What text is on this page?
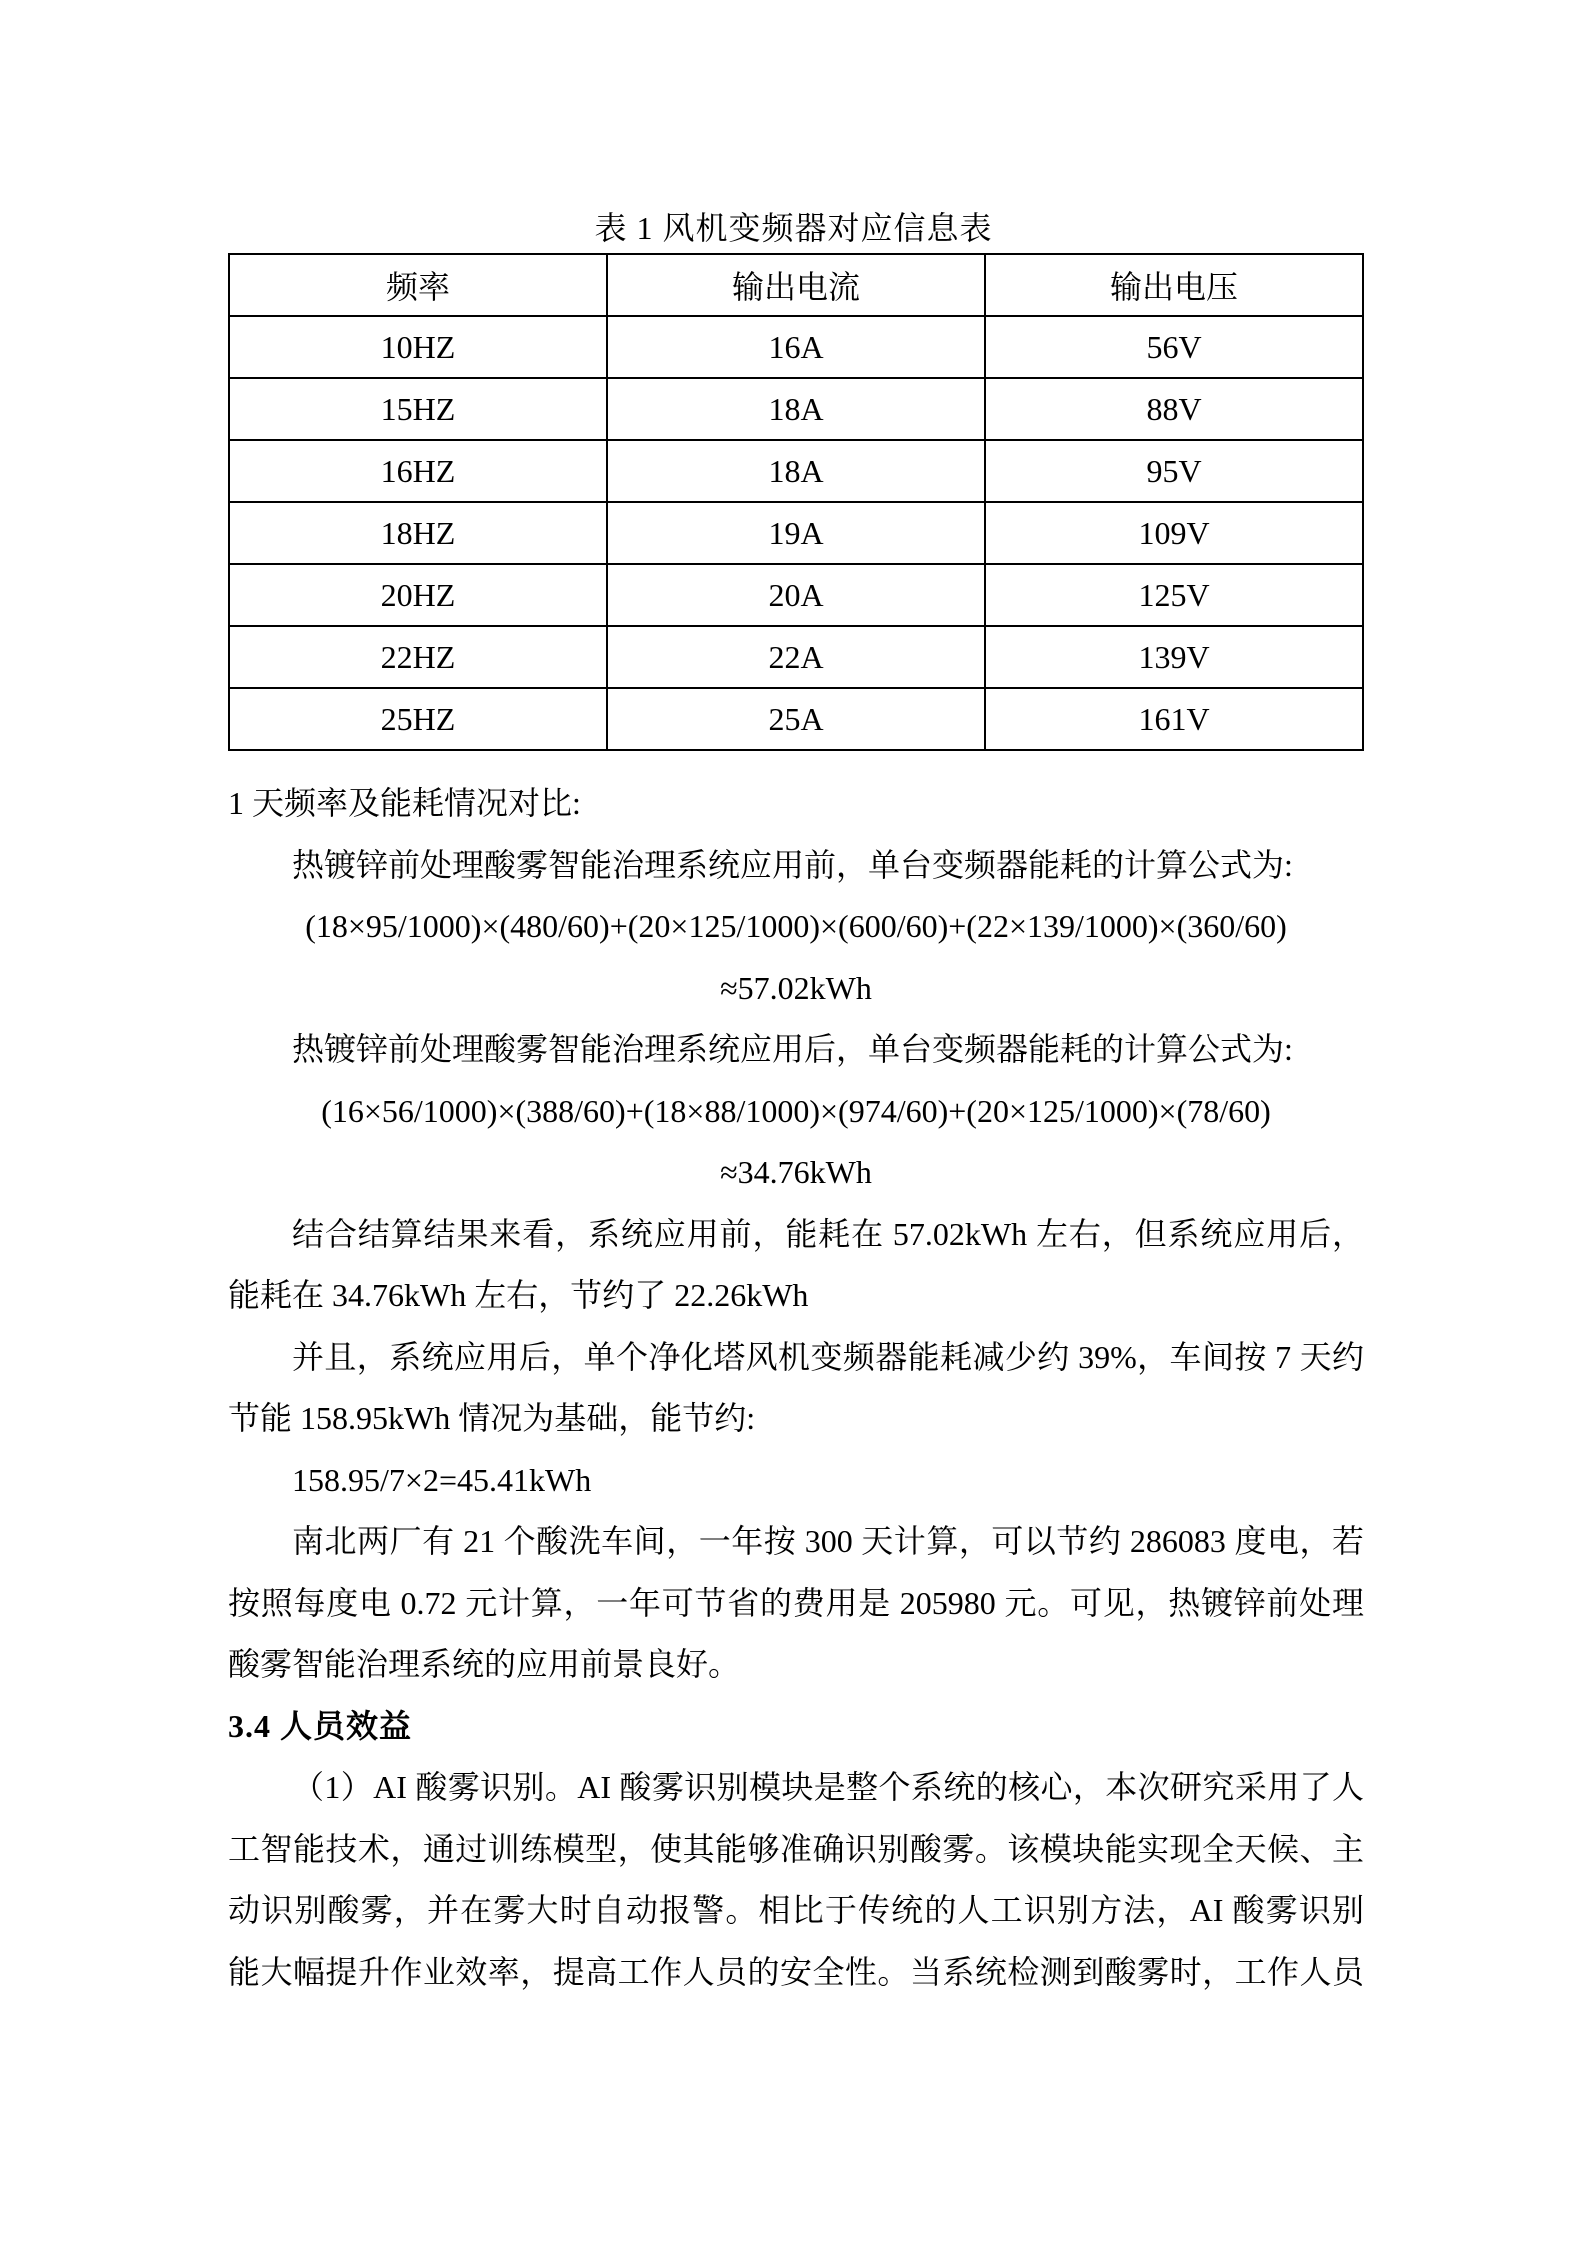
表 1 风机变频器对应信息表
频率	输出电流	输出电压
10HZ	16A	56V
15HZ	18A	88V
16HZ	18A	95V
18HZ	19A	109V
20HZ	20A	125V
22HZ	22A	139V
25HZ	25A	161V
1 天频率及能耗情况对比:
热镀锌前处理酸雾智能治理系统应用前，单台变频器能耗的计算公式为:
(18×95/1000)×(480/60)+(20×125/1000)×(600/60)+(22×139/1000)×(360/60)
≈57.02kWh
热镀锌前处理酸雾智能治理系统应用后，单台变频器能耗的计算公式为:
(16×56/1000)×(388/60)+(18×88/1000)×(974/60)+(20×125/1000)×(78/60)
≈34.76kWh
结合结算结果来看，系统应用前，能耗在 57.02kWh 左右，但系统应用后，
能耗在 34.76kWh 左右，节约了 22.26kWh
并且，系统应用后，单个净化塔风机变频器能耗减少约 39%，车间按 7 天约
节能 158.95kWh 情况为基础，能节约:
158.95/7×2=45.41kWh
南北两厂有 21 个酸洗车间，一年按 300 天计算，可以节约 286083 度电，若
按照每度电 0.72 元计算，一年可节省的费用是 205980 元。可见，热镀锌前处理
酸雾智能治理系统的应用前景良好。
3.4 人员效益
（1）AI 酸雾识别。AI 酸雾识别模块是整个系统的核心，本次研究采用了人
工智能技术，通过训练模型，使其能够准确识别酸雾。该模块能实现全天候、主
动识别酸雾，并在雾大时自动报警。相比于传统的人工识别方法，AI 酸雾识别
能大幅提升作业效率，提高工作人员的安全性。当系统检测到酸雾时，工作人员
